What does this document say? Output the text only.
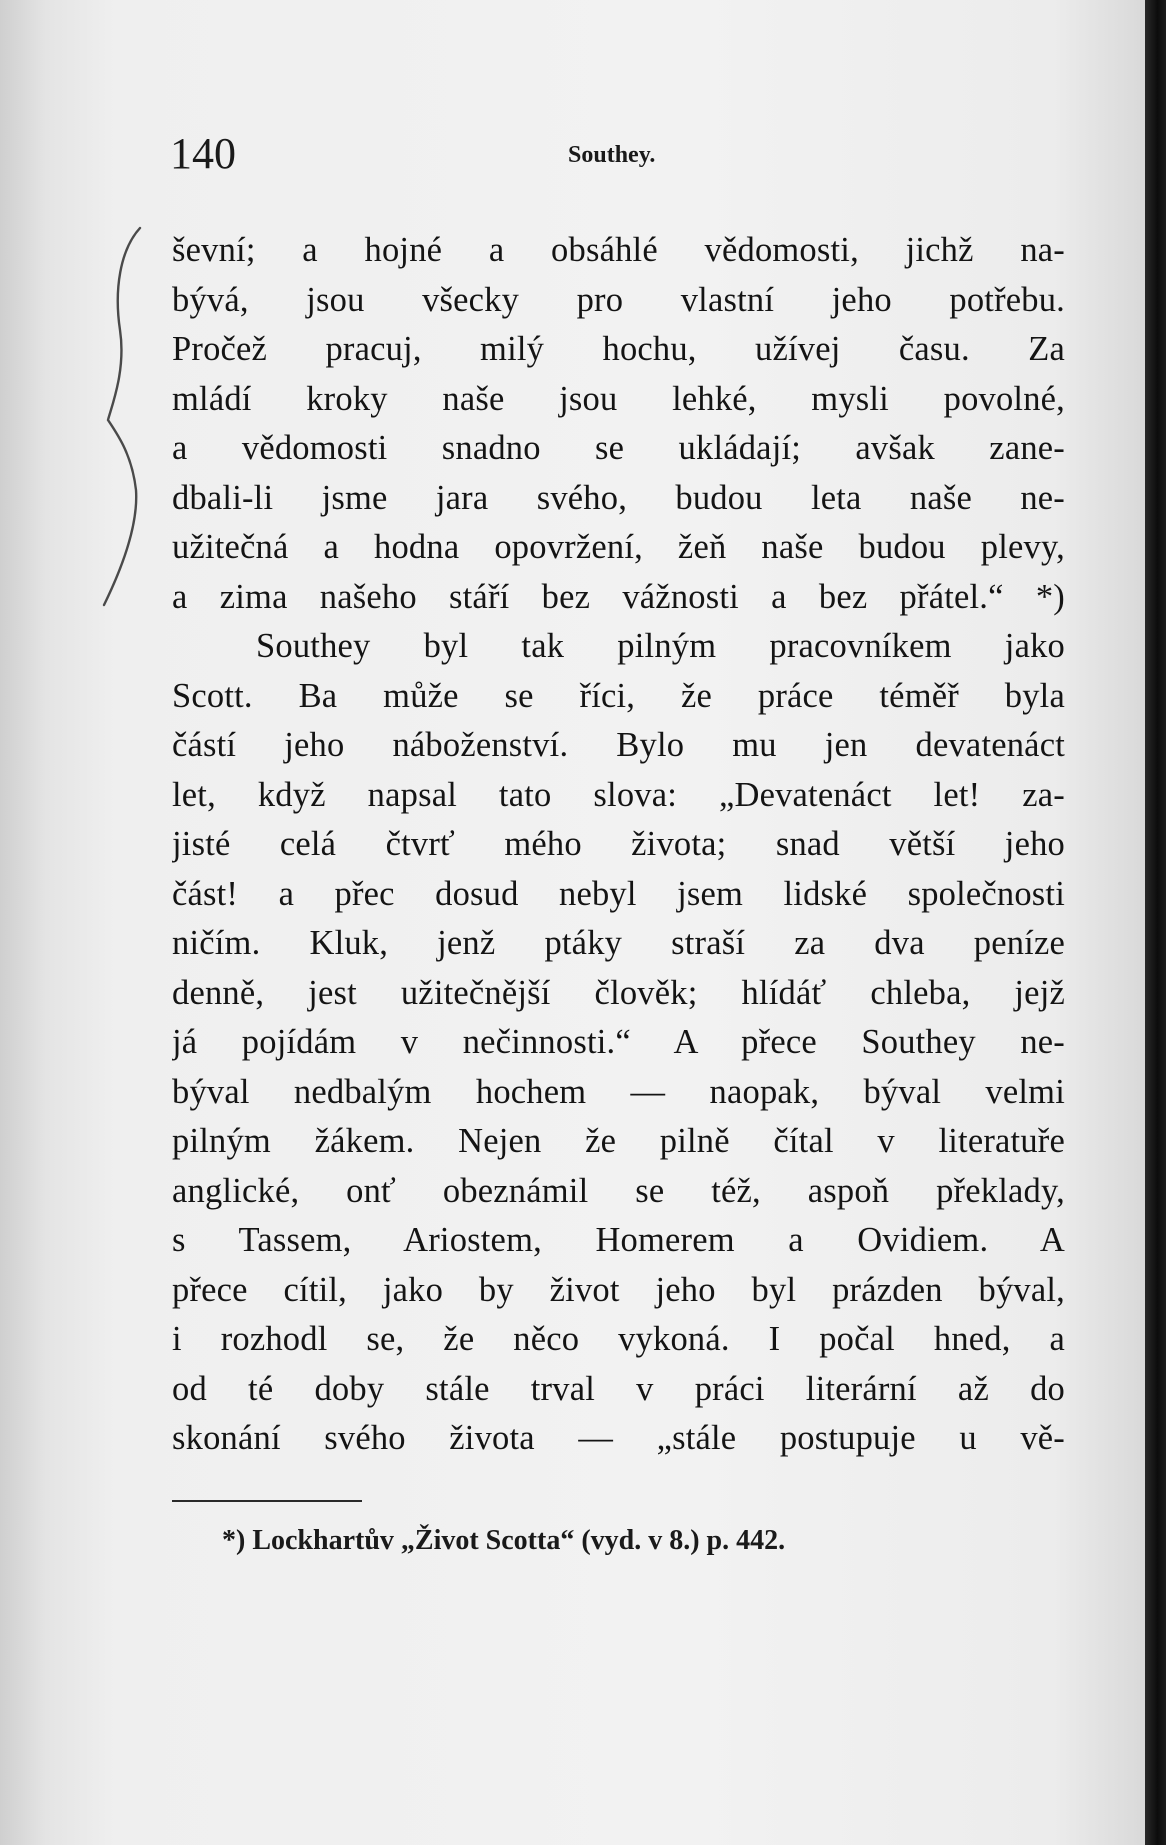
140	Southey.
ševní; a hojné a obsáhlé vědomosti, jichž na-
bývá, jsou všecky pro vlastní jeho potřebu.
Pročež pracuj, milý hochu, užívej času. Za
mládí kroky naše jsou lehké, mysli povolné,
a vědomosti snadno se ukládají; avšak zane-
dbali-li jsme jara svého, budou leta naše ne-
užitečná a hodna opovržení, žeň naše budou plevy,
a zima našeho stáří bez vážnosti a bez přátel.“ *)
Southey byl tak pilným pracovníkem jako
Scott. Ba může se říci, že práce téměř byla
částí jeho náboženství. Bylo mu jen devatenáct
let, když napsal tato slova: „Devatenáct let! za-
jisté celá čtvrť mého života; snad větší jeho
část! a přec dosud nebyl jsem lidské společnosti
ničím. Kluk, jenž ptáky straší za dva peníze
denně, jest užitečnější člověk; hlídáť chleba, jejž
já pojídám v nečinnosti.“ A přece Southey ne-
býval nedbalým hochem — naopak, býval velmi
pilným žákem. Nejen že pilně čítal v literatuře
anglické, onť obeznámil se též, aspoň překlady,
s Tassem, Ariostem, Homerem a Ovidiem. A
přece cítil, jako by život jeho byl prázden býval,
i rozhodl se, že něco vykoná. I počal hned, a
od té doby stále trval v práci literární až do
skonání svého života — „stále postupuje u vě-
*) Lockhartův „Život Scotta“ (vyd. v 8.) p. 442.
